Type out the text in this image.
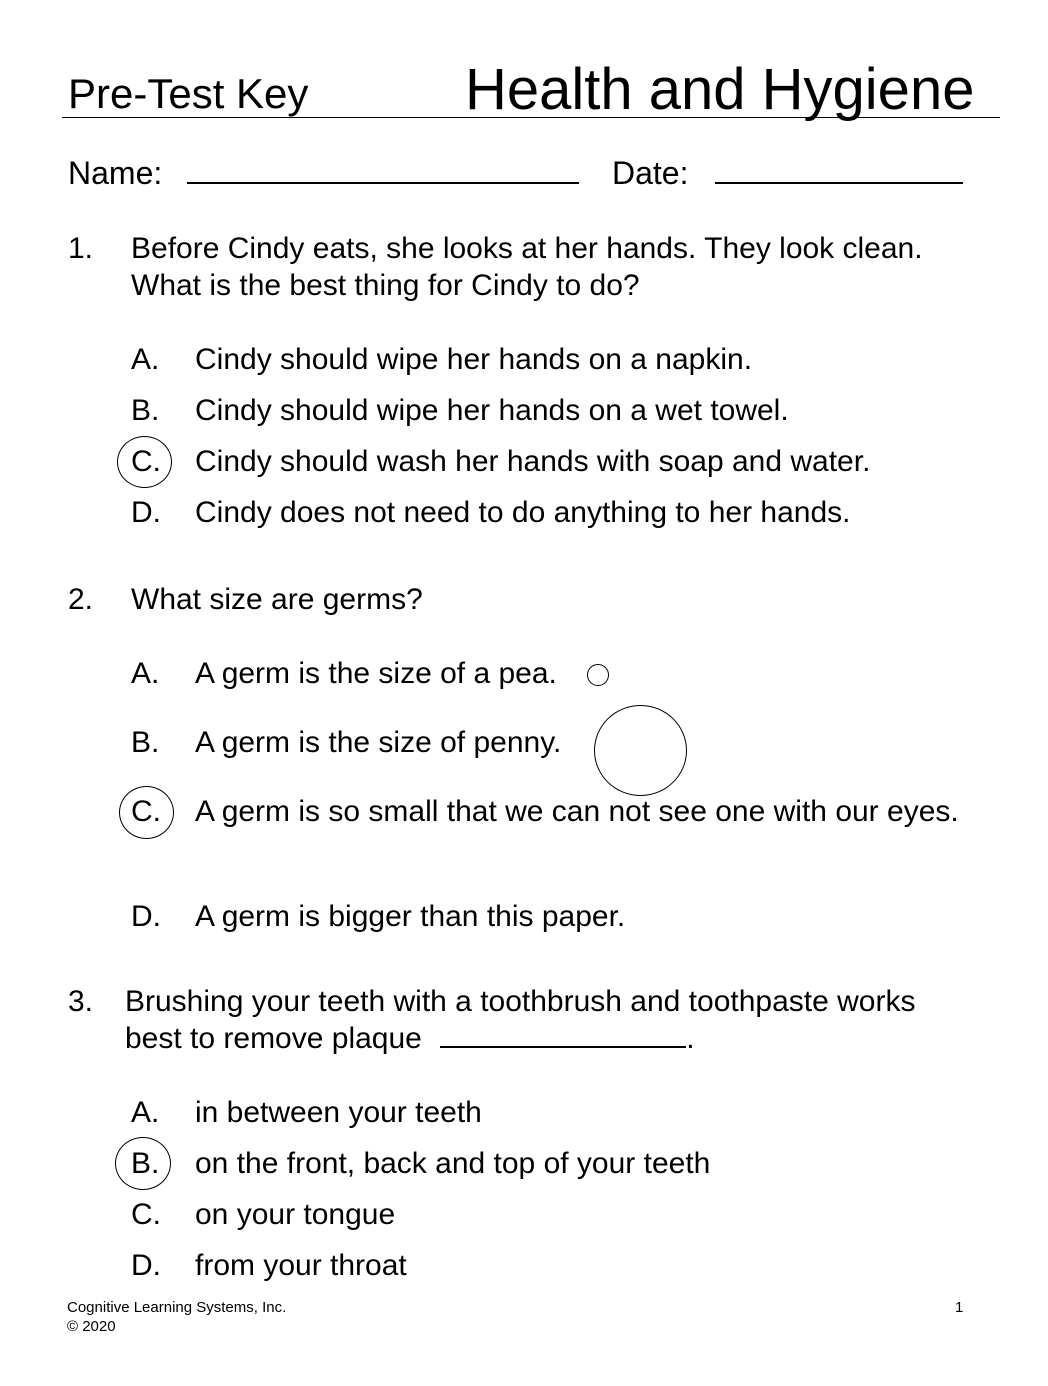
Pre-Test Key	Health and Hygiene
Name:	Date:
1. Before Cindy eats, she looks at her hands. They look clean.
What is the best thing for Cindy to do?
A. Cindy should wipe her hands on a napkin.
B. Cindy should wipe her hands on a wet towel.
C. Cindy should wash her hands with soap and water.
D. Cindy does not need to do anything to her hands.
2. What size are germs?
A. A germ is the size of a pea.
B. A germ is the size of penny.
C. A germ is so small that we can not see one with our eyes.
D. A germ is bigger than this paper.
3. Brushing your teeth with a toothbrush and toothpaste works
best to remove plaque	.
A. in between your teeth
B. on the front, back and top of your teeth
C. on your tongue
D. from your throat
Cognitive Learning Systems, Inc.
© 2020
1
